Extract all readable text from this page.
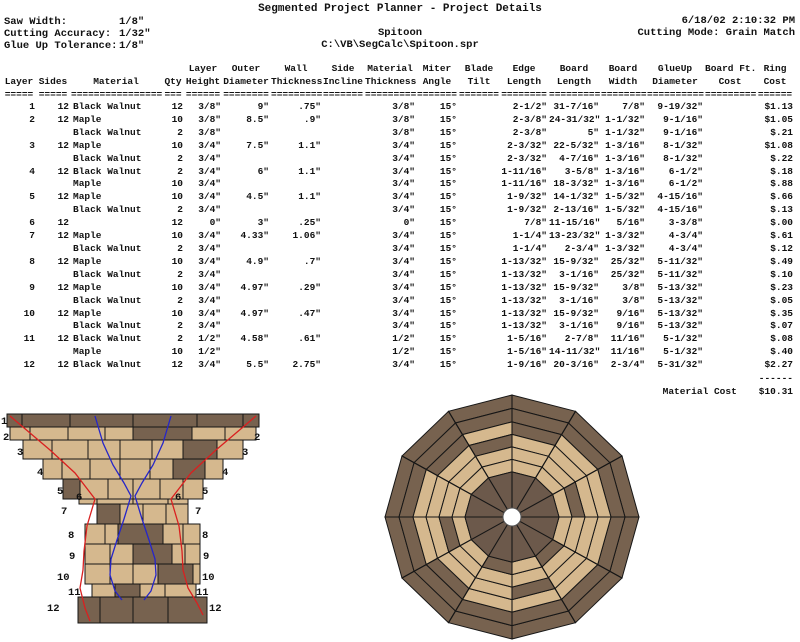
Segmented Project Planner - Project Details
6/18/02 2:10:32 PM
Cutting Mode: Grain Match
Saw Width:	1/8"
Cutting Accuracy: 1/32"
Glue Up Tolerance: 1/8"
Spitoon
C:\VB\SegCalc\Spitoon.spr
				Layer	Outer	Wall	Side	Material	Miter	Blade	Edge	Board	Board	GlueUp	Board Ft.	Ring
Layer	Sides	Material	Qty	Height	Diameter	Thickness	Incline	Thickness	Angle	Tilt	Length	Length	Width	Diameter	Cost	Cost
=====	=====	================	===	======	========	=========	=======	=========	=======	=======	========	=========	========	==========	=========	======
1	12	Black Walnut	12	3/8"	9"	.75"		3/8"	15°		2-1/2"	31-7/16"	7/8"	9-19/32"		$1.13
2	12	Maple	10	3/8"	8.5"	.9"		3/8"	15°		2-3/8"	24-31/32"	1-1/32"	9-1/16"		$1.05
		Black Walnut	2	3/8"				3/8"	15°		2-3/8"	5"	1-1/32"	9-1/16"		$.21
3	12	Maple	10	3/4"	7.5"	1.1"		3/4"	15°		2-3/32"	22-5/32"	1-3/16"	8-1/32"		$1.08
		Black Walnut	2	3/4"				3/4"	15°		2-3/32"	4-7/16"	1-3/16"	8-1/32"		$.22
4	12	Black Walnut	2	3/4"	6"	1.1"		3/4"	15°		1-11/16"	3-5/8"	1-3/16"	6-1/2"		$.18
		Maple	10	3/4"				3/4"	15°		1-11/16"	18-3/32"	1-3/16"	6-1/2"		$.88
5	12	Maple	10	3/4"	4.5"	1.1"		3/4"	15°		1-9/32"	14-1/32"	1-5/32"	4-15/16"		$.66
		Black Walnut	2	3/4"				3/4"	15°		1-9/32"	2-13/16"	1-5/32"	4-15/16"		$.13
6	12		12	0"	3"	.25"		0"	15°		7/8"	11-15/16"	5/16"	3-3/8"		$.00
7	12	Maple	10	3/4"	4.33"	1.06"		3/4"	15°		1-1/4"	13-23/32"	1-3/32"	4-3/4"		$.61
		Black Walnut	2	3/4"				3/4"	15°		1-1/4"	2-3/4"	1-3/32"	4-3/4"		$.12
8	12	Maple	10	3/4"	4.9"	.7"		3/4"	15°		1-13/32"	15-9/32"	25/32"	5-11/32"		$.49
		Black Walnut	2	3/4"				3/4"	15°		1-13/32"	3-1/16"	25/32"	5-11/32"		$.10
9	12	Maple	10	3/4"	4.97"	.29"		3/4"	15°		1-13/32"	15-9/32"	3/8"	5-13/32"		$.23
		Black Walnut	2	3/4"				3/4"	15°		1-13/32"	3-1/16"	3/8"	5-13/32"		$.05
10	12	Maple	10	3/4"	4.97"	.47"		3/4"	15°		1-13/32"	15-9/32"	9/16"	5-13/32"		$.35
		Black Walnut	2	3/4"				3/4"	15°		1-13/32"	3-1/16"	9/16"	5-13/32"		$.07
11	12	Black Walnut	2	1/2"	4.58"	.61"		1/2"	15°		1-5/16"	2-7/8"	11/16"	5-1/32"		$.08
		Maple	10	1/2"				1/2"	15°		1-5/16"	14-11/32"	11/16"	5-1/32"		$.40
12	12	Black Walnut	12	3/4"	5.5"	2.75"		3/4"	15°		1-9/16"	20-3/16"	2-3/4"	5-31/32"		$2.27
------
Material Cost $10.31
1
2
3
4
5 6
7
8
9
10
11
12
2
3
4
5
6
7
8
9
10
11
12
